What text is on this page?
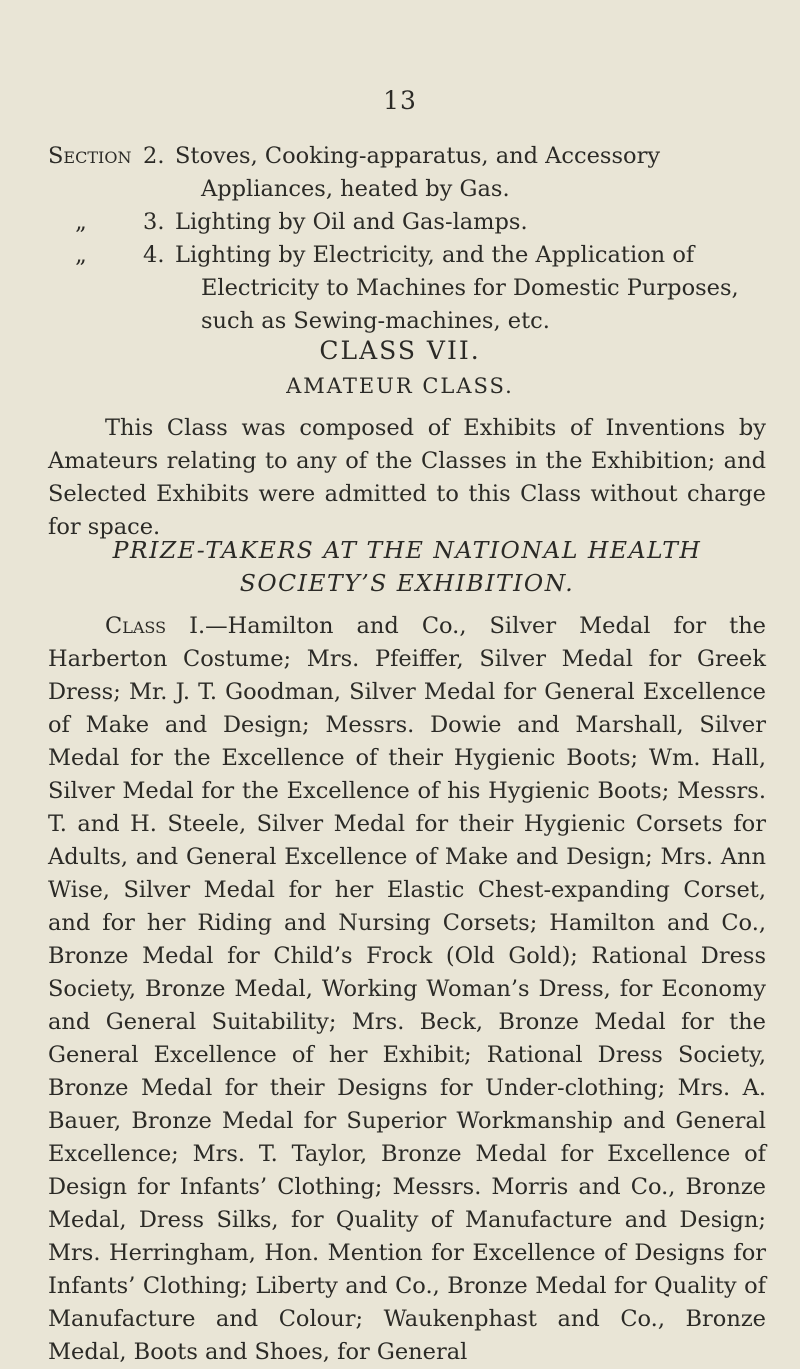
13
Section 2. Stoves, Cooking-apparatus, and Accessory Appliances, heated by Gas.
„	3. Lighting by Oil and Gas-lamps.
„	4. Lighting by Electricity, and the Application of Electricity to Machines for Domestic Purposes, such as Sewing-machines, etc.
CLASS VII.
AMATEUR CLASS.

This Class was composed of Exhibits of Inventions by Amateurs relating to any of the Classes in the Exhibition; and Selected Exhibits were admitted to this Class without charge for space.

PRIZE-TAKERS AT THE NATIONAL HEALTH
SOCIETY’S EXHIBITION.

Class I.—Hamilton and Co., Silver Medal for the Harberton Costume; Mrs. Pfeiffer, Silver Medal for Greek Dress; Mr. J. T. Goodman, Silver Medal for General Excellence of Make and Design; Messrs. Dowie and Marshall, Silver Medal for the Excellence of their Hygienic Boots; Wm. Hall, Silver Medal for the Excellence of his Hygienic Boots; Messrs. T. and H. Steele, Silver Medal for their Hygienic Corsets for Adults, and General Excellence of Make and Design; Mrs. Ann Wise, Silver Medal for her Elastic Chest-expanding Corset, and for her Riding and Nursing Corsets; Hamilton and Co., Bronze Medal for Child’s Frock (Old Gold); Rational Dress Society, Bronze Medal, Working Woman’s Dress, for Economy and General Suitability; Mrs. Beck, Bronze Medal for the General Excellence of her Exhibit; Rational Dress Society, Bronze Medal for their Designs for Under-clothing; Mrs. A. Bauer, Bronze Medal for Superior Workmanship and General Excellence; Mrs. T. Taylor, Bronze Medal for Excellence of Design for Infants’ Clothing; Messrs. Morris and Co., Bronze Medal, Dress Silks, for Quality of Manufacture and Design; Mrs. Herringham, Hon. Mention for Excellence of Designs for Infants’ Clothing; Liberty and Co., Bronze Medal for Quality of Manufacture and Colour; Waukenphast and Co., Bronze Medal, Boots and Shoes, for General
